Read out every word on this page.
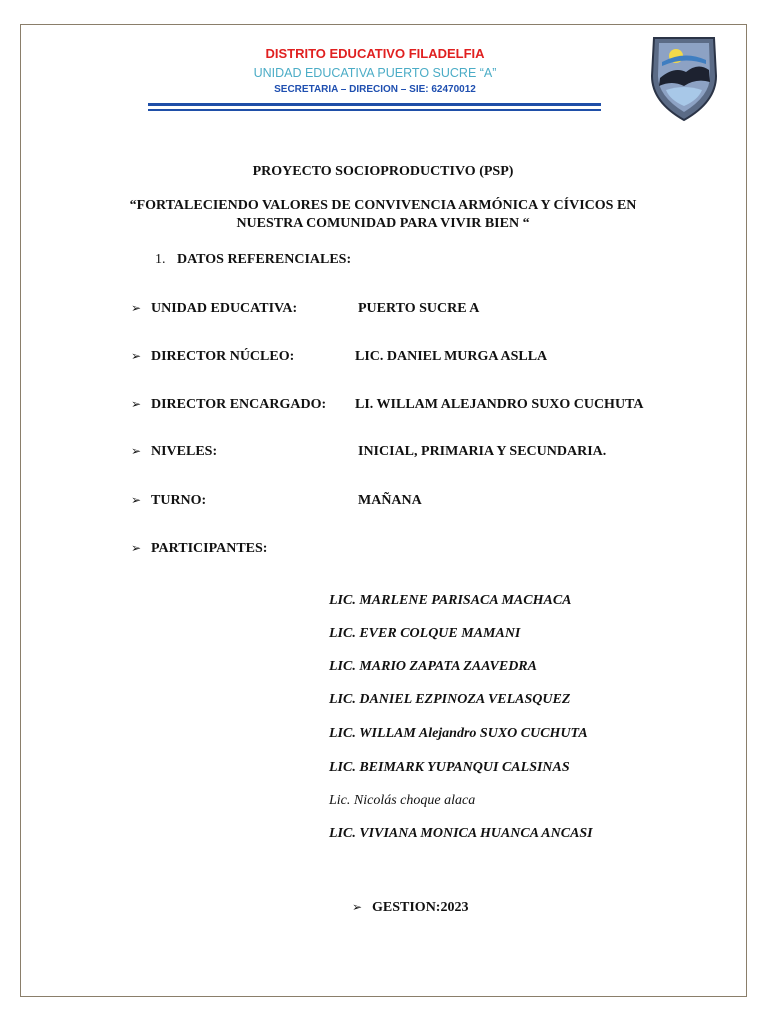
DISTRITO EDUCATIVO FILADELFIA
UNIDAD EDUCATIVA PUERTO SUCRE “A”
SECRETARIA – DIRECION – SIE: 62470012
PROYECTO SOCIOPRODUCTIVO (PSP)
“FORTALECIENDO VALORES DE CONVIVENCIA ARMÓNICA Y CÍVICOS EN
NUESTRA COMUNIDAD PARA VIVIR BIEN “
1. DATOS REFERENCIALES:
➢ UNIDAD EDUCATIVA:	PUERTO SUCRE A
➢ DIRECTOR NÚCLEO:	LIC. DANIEL MURGA ASLLA
➢ DIRECTOR ENCARGADO: LI. WILLAM ALEJANDRO SUXO CUCHUTA
➢ NIVELES:	INICIAL, PRIMARIA Y SECUNDARIA.
➢ TURNO:	MAÑANA
➢ PARTICIPANTES:
LIC. MARLENE PARISACA MACHACA
LIC. EVER COLQUE MAMANI
LIC. MARIO ZAPATA ZAAVEDRA
LIC. DANIEL EZPINOZA VELASQUEZ
LIC. WILLAM Alejandro SUXO CUCHUTA
LIC. BEIMARK YUPANQUI CALSINAS
Lic. Nicolás choque alaca
LIC. VIVIANA MONICA HUANCA ANCASI
➢ GESTION:2023
